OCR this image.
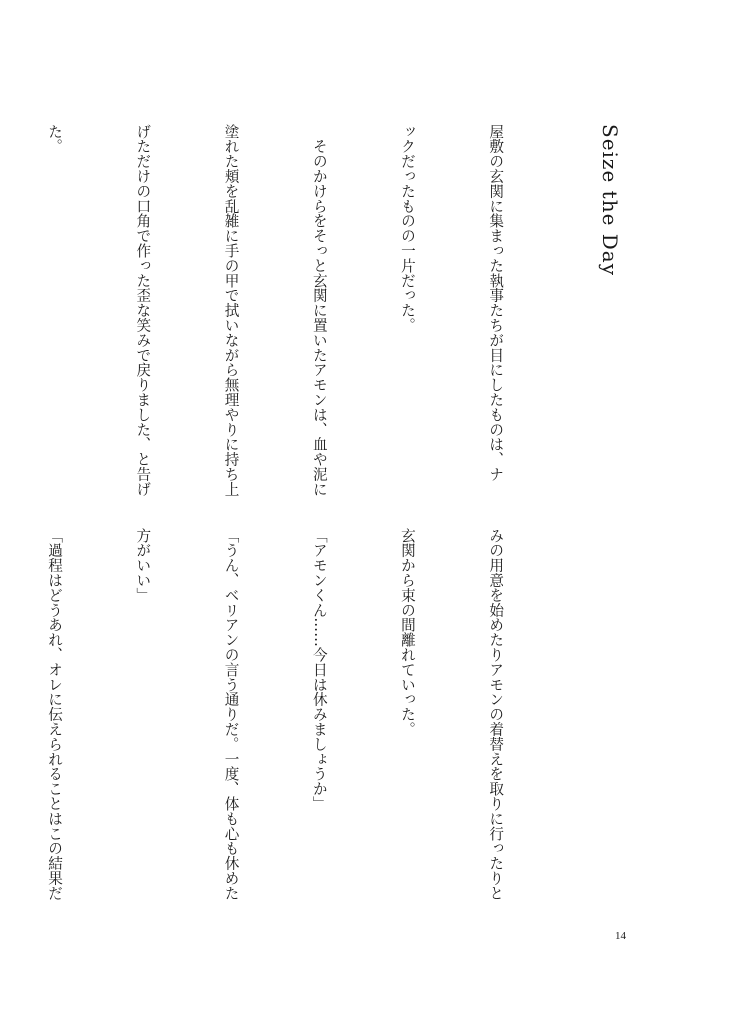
Seize the Day

屋敷の玄関に集まった執事たちが目にしたものは、ナ

ックだったものの一片だった。

　そのかけらをそっと玄関に置いたアモンは、血や泥に

塗れた頬を乱雑に手の甲で拭いながら無理やりに持ち上

げただけの口角で作った歪な笑みで戻りました、と告げ

た。

みの用意を始めたりアモンの着替えを取りに行ったりと

玄関から束の間離れていった。

「アモンくん……今日は休みましょうか」

「うん、ベリアンの言う通りだ。一度、体も心も休めた

方がいい」

「過程はどうあれ、オレに伝えられることはこの結果だ

14
